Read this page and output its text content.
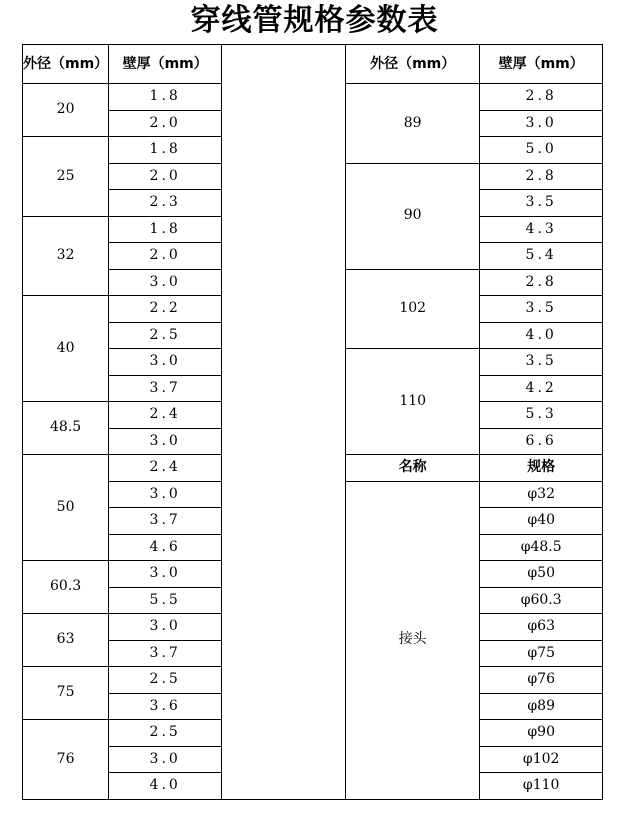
穿线管规格参数表
外径（mm）	壁厚（mm）		外径（mm）	壁厚（mm）
20	1.8		89	2.8
	2.0			3.0
25	1.8			5.0
	2.0		90	2.8
	2.3			3.5
32	1.8			4.3
	2.0			5.4
	3.0		102	2.8
40	2.2			3.5
	2.5			4.0
	3.0		110	3.5
	3.7			4.2
48.5	2.4			5.3
	3.0			6.6
50	2.4		名称	规格
	3.0		接头	φ32
	3.7			φ40
	4.6			φ48.5
60.3	3.0			φ50
	5.5			φ60.3
63	3.0			φ63
	3.7			φ75
75	2.5			φ76
	3.6			φ89
76	2.5			φ90
	3.0			φ102
	4.0			φ110
